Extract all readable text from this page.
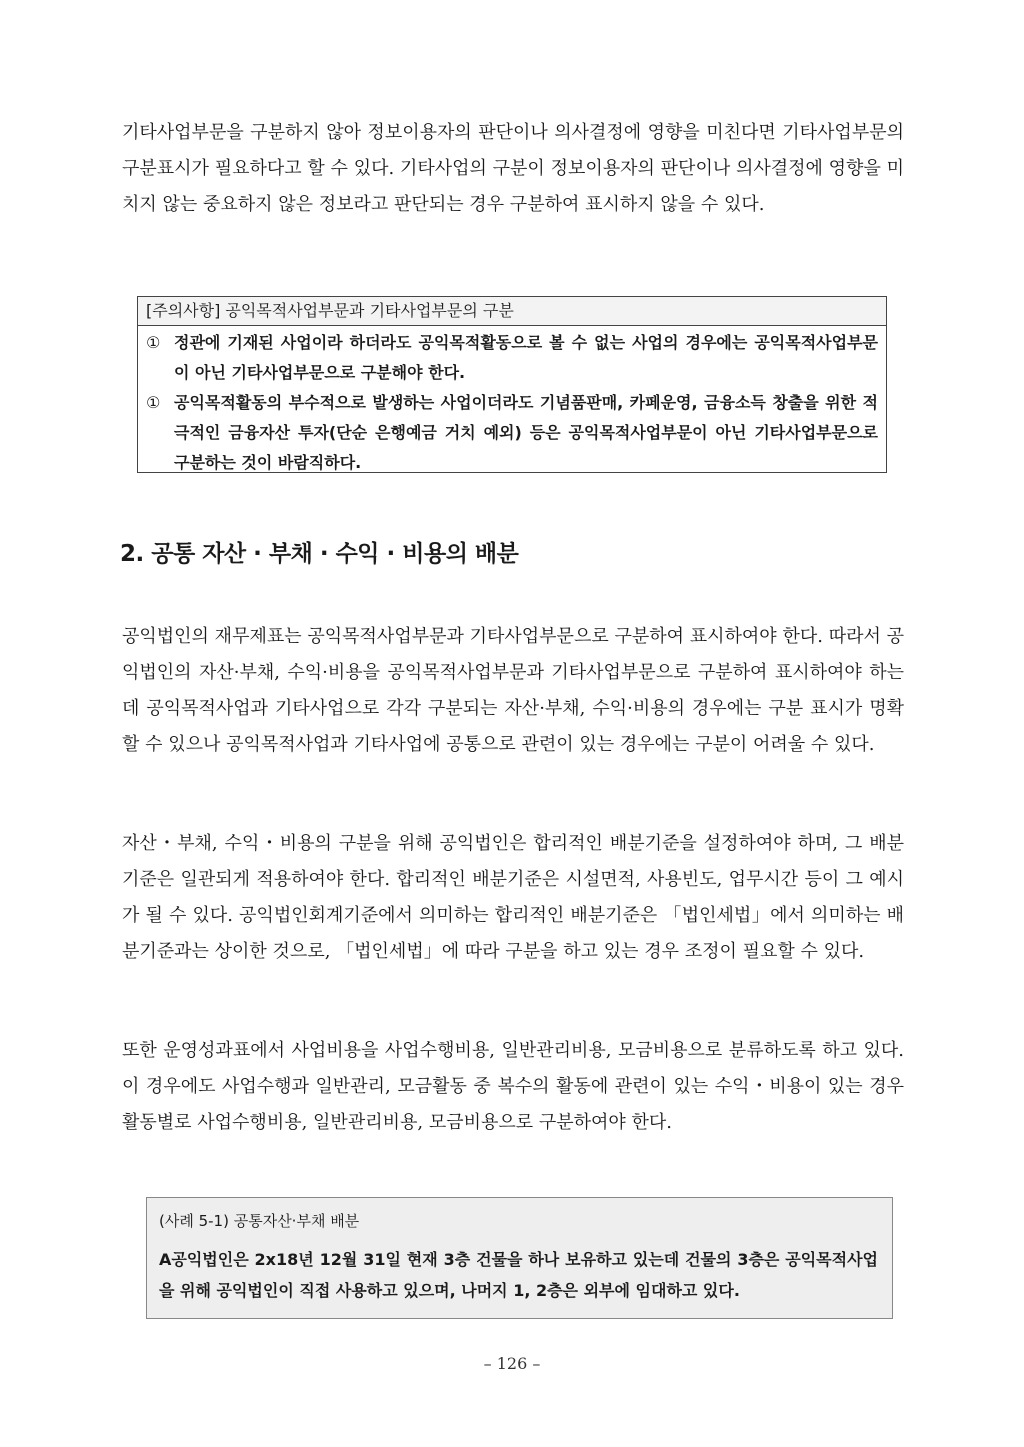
기타사업부문을 구분하지 않아 정보이용자의 판단이나 의사결정에 영향을 미친다면 기타사업부문의 구분표시가 필요하다고 할 수 있다. 기타사업의 구분이 정보이용자의 판단이나 의사결정에 영향을 미치지 않는 중요하지 않은 정보라고 판단되는 경우 구분하여 표시하지 않을 수 있다.

[주의사항] 공익목적사업부문과 기타사업부문의 구분
① 정관에 기재된 사업이라 하더라도 공익목적활동으로 볼 수 없는 사업의 경우에는 공익목적사업부문이 아닌 기타사업부문으로 구분해야 한다.
① 공익목적활동의 부수적으로 발생하는 사업이더라도 기념품판매, 카페운영, 금융소득 창출을 위한 적극적인 금융자산 투자(단순 은행예금 거치 예외) 등은 공익목적사업부문이 아닌 기타사업부문으로 구분하는 것이 바람직하다.
2. 공통 자산 · 부채 · 수익 · 비용의 배분

공익법인의 재무제표는 공익목적사업부문과 기타사업부문으로 구분하여 표시하여야 한다. 따라서 공익법인의 자산·부채, 수익·비용을 공익목적사업부문과 기타사업부문으로 구분하여 표시하여야 하는데 공익목적사업과 기타사업으로 각각 구분되는 자산·부채, 수익·비용의 경우에는 구분 표시가 명확할 수 있으나 공익목적사업과 기타사업에 공통으로 관련이 있는 경우에는 구분이 어려울 수 있다.

자산・부채, 수익・비용의 구분을 위해 공익법인은 합리적인 배분기준을 설정하여야 하며, 그 배분기준은 일관되게 적용하여야 한다. 합리적인 배분기준은 시설면적, 사용빈도, 업무시간 등이 그 예시가 될 수 있다. 공익법인회계기준에서 의미하는 합리적인 배분기준은 「법인세법」에서 의미하는 배분기준과는 상이한 것으로, 「법인세법」에 따라 구분을 하고 있는 경우 조정이 필요할 수 있다.

또한 운영성과표에서 사업비용을 사업수행비용, 일반관리비용, 모금비용으로 분류하도록 하고 있다. 이 경우에도 사업수행과 일반관리, 모금활동 중 복수의 활동에 관련이 있는 수익・비용이 있는 경우 활동별로 사업수행비용, 일반관리비용, 모금비용으로 구분하여야 한다.

(사례 5-1) 공통자산·부채 배분
A공익법인은 2x18년 12월 31일 현재 3층 건물을 하나 보유하고 있는데 건물의 3층은 공익목적사업을 위해 공익법인이 직접 사용하고 있으며, 나머지 1, 2층은 외부에 임대하고 있다.
– 126 –
